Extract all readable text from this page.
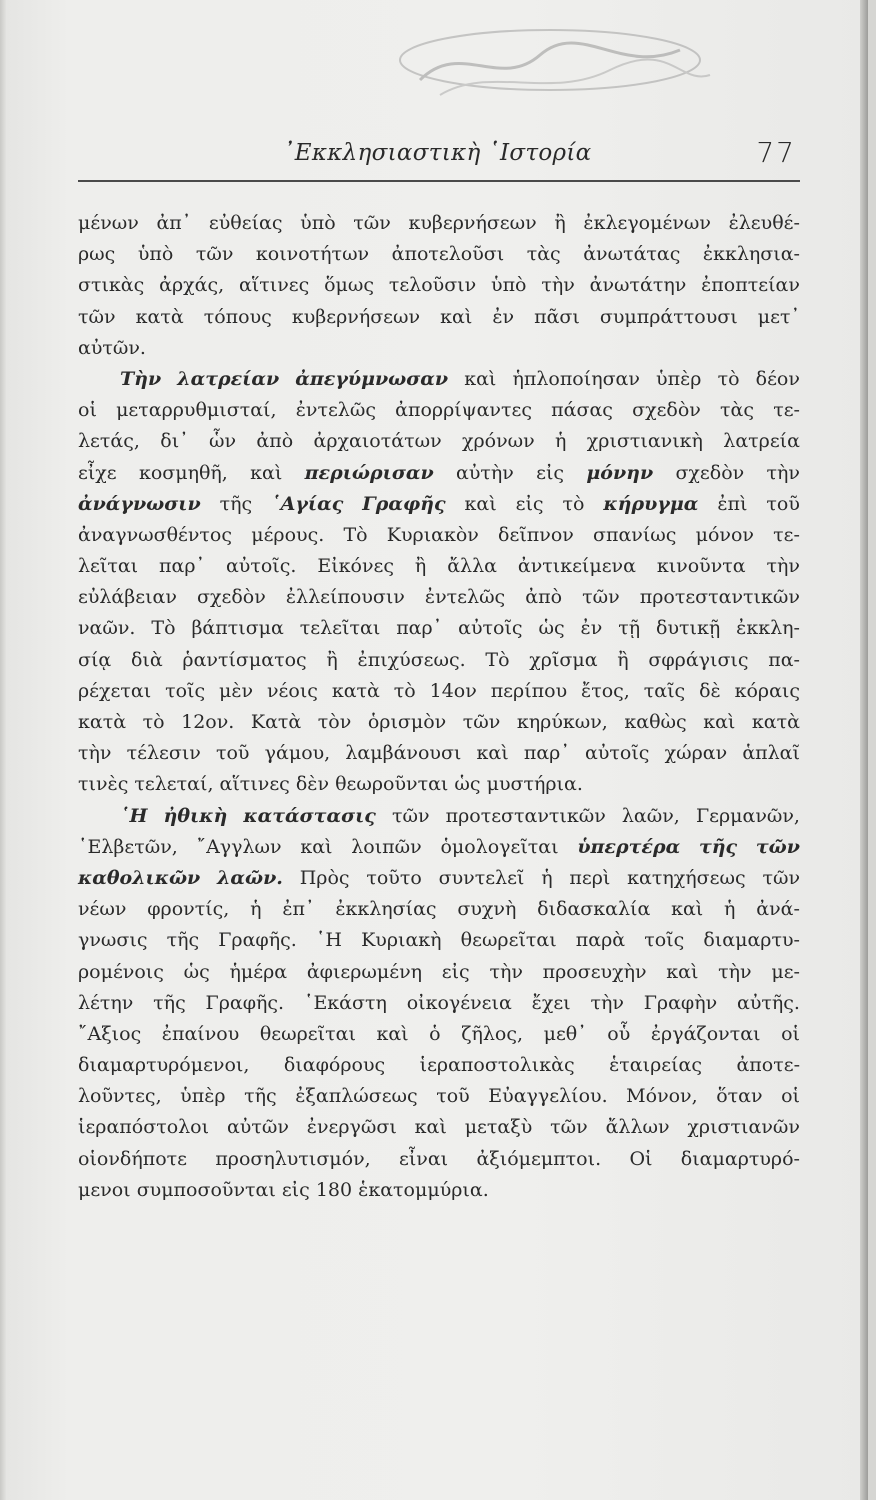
᾿Εκκλησιαστικὴ ῾Ιστορία	77
μένων ἀπ᾿ εὐθείας ὑπὸ τῶν κυβερνήσεων ἢ ἐκλεγομένων ἐλευθέ-
ρως ὑπὸ τῶν κοινοτήτων ἀποτελοῦσι τὰς ἀνωτάτας ἐκκλησια-
στικὰς ἀρχάς, αἵτινες ὅμως τελοῦσιν ὑπὸ τὴν ἀνωτάτην ἐποπτείαν
τῶν κατὰ τόπους κυβερνήσεων καὶ ἐν πᾶσι συμπράττουσι μετ᾿
αὐτῶν.
Τὴν λατρείαν ἀπεγύμνωσαν καὶ ἡπλοποίησαν ὑπὲρ τὸ δέον
οἱ μεταρρυθμισταί, ἐντελῶς ἀπορρίψαντες πάσας σχεδὸν τὰς τε-
λετάς, δι᾿ ὧν ἀπὸ ἀρχαιοτάτων χρόνων ἡ χριστιανικὴ λατρεία
εἶχε κοσμηθῆ, καὶ περιώρισαν αὐτὴν εἰς μόνην σχεδὸν τὴν
ἀνάγνωσιν τῆς ῾Αγίας Γραφῆς καὶ εἰς τὸ κήρυγμα ἐπὶ τοῦ
ἀναγνωσθέντος μέρους. Τὸ Κυριακὸν δεῖπνον σπανίως μόνον τε-
λεῖται παρ᾿ αὐτοῖς. Εἰκόνες ἢ ἄλλα ἀντικείμενα κινοῦντα τὴν
εὐλάβειαν σχεδὸν ἐλλείπουσιν ἐντελῶς ἀπὸ τῶν προτεσταντικῶν
ναῶν. Τὸ βάπτισμα τελεῖται παρ᾿ αὐτοῖς ὡς ἐν τῇ δυτικῇ ἐκκλη-
σίᾳ διὰ ῥαντίσματος ἢ ἐπιχύσεως. Τὸ χρῖσμα ἢ σφράγισις πα-
ρέχεται τοῖς μὲν νέοις κατὰ τὸ 14ον περίπου ἔτος, ταῖς δὲ κόραις
κατὰ τὸ 12ον. Κατὰ τὸν ὁρισμὸν τῶν κηρύκων, καθὼς καὶ κατὰ
τὴν τέλεσιν τοῦ γάμου, λαμβάνουσι καὶ παρ᾿ αὐτοῖς χώραν ἁπλαῖ
τινὲς
τελεταί,
αἵτινες
δὲν
θεωροῦνται
ὡς
μυστήρια.
῾Η ἠθικὴ κατάστασις τῶν προτεσταντικῶν λαῶν, Γερμανῶν,
῾Ελβετῶν, ῎Αγγλων καὶ λοιπῶν ὁμολογεῖται ὑπερτέρα τῆς τῶν
καθολικῶν λαῶν. Πρὸς τοῦτο συντελεῖ ἡ περὶ κατηχήσεως τῶν
νέων φροντίς, ἡ ἐπ᾿ ἐκκλησίας συχνὴ διδασκαλία καὶ ἡ ἀνά-
γνωσις τῆς Γραφῆς. ῾Η Κυριακὴ θεωρεῖται παρὰ τοῖς διαμαρτυ-
ρομένοις ὡς ἡμέρα ἀφιερωμένη εἰς τὴν προσευχὴν καὶ τὴν με-
λέτην τῆς Γραφῆς. ῾Εκάστη οἰκογένεια ἔχει τὴν Γραφὴν αὐτῆς.
῎Αξιος ἐπαίνου θεωρεῖται καὶ ὁ ζῆλος, μεθ᾿ οὗ ἐργάζονται οἱ
διαμαρτυρόμενοι, διαφόρους ἱεραποστολικὰς ἑταιρείας ἀποτε-
λοῦντες, ὑπὲρ τῆς ἐξαπλώσεως τοῦ Εὐαγγελίου. Μόνον, ὅταν οἱ
ἱεραπόστολοι αὐτῶν ἐνεργῶσι καὶ μεταξὺ τῶν ἄλλων χριστιανῶν
οἱονδήποτε προσηλυτισμόν, εἶναι ἀξιόμεμπτοι. Οἱ διαμαρτυρό-
μενοι
συμποσοῦνται
εἰς
180
ἑκατομμύρια.
